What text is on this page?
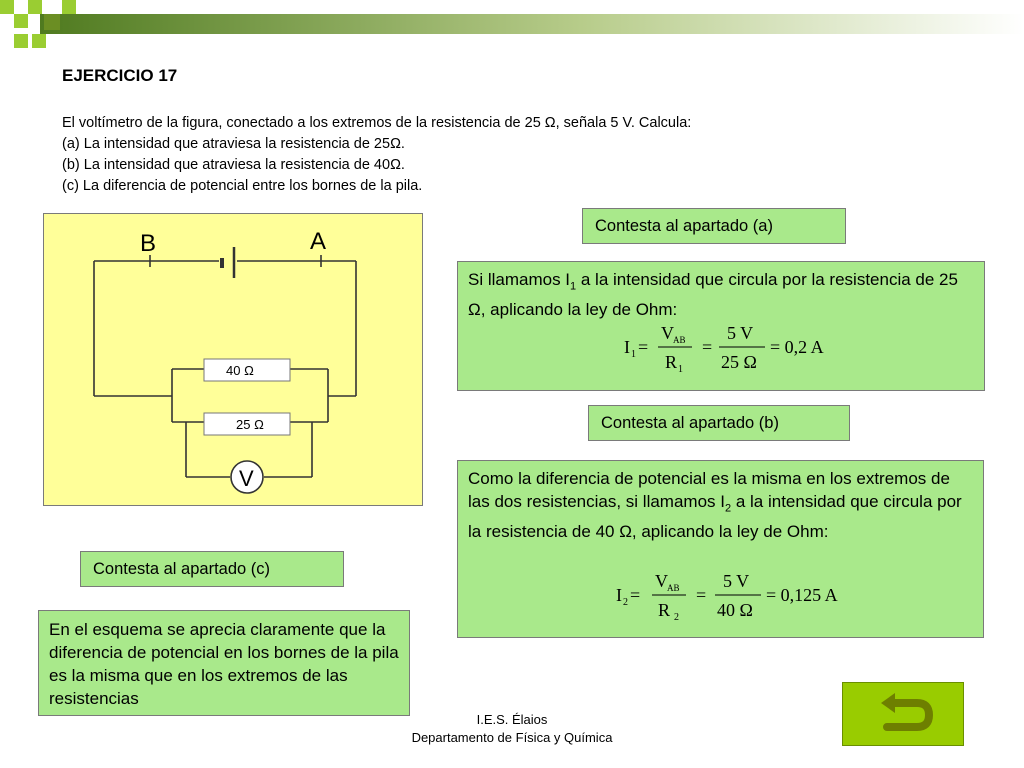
EJERCICIO 17
El voltímetro de la figura, conectado a los extremos de la resistencia de 25 Ω, señala 5 V. Calcula:
(a) La intensidad que atraviesa la resistencia de 25Ω.
(b) La intensidad que atraviesa la resistencia de 40Ω.
(c) La diferencia de potencial entre los bornes de la pila.
B	A
40 Ω
25 Ω
V
Contesta al apartado (a)
Si llamamos $I_1$ a la intensidad que circula por la resistencia de 25 Ω, aplicando la ley de Ohm:
I 1 =
V AB
R 1
=
5 V
25 Ω
= 0,2 A
Contesta al apartado (b)
Como la diferencia de potencial es la misma en los extremos de las dos resistencias, si llamamos $I_2$ a la intensidad que circula por la resistencia de 40 Ω, aplicando la ley de Ohm:
I 2 =
V AB
R 2
=
5 V
40 Ω
= 0,125 A
Contesta al apartado (c)
En el esquema se aprecia claramente que la diferencia de potencial en los bornes de la pila es la misma que en los extremos de las resistencias
I.E.S. Élaios
Departamento de Física y Química
